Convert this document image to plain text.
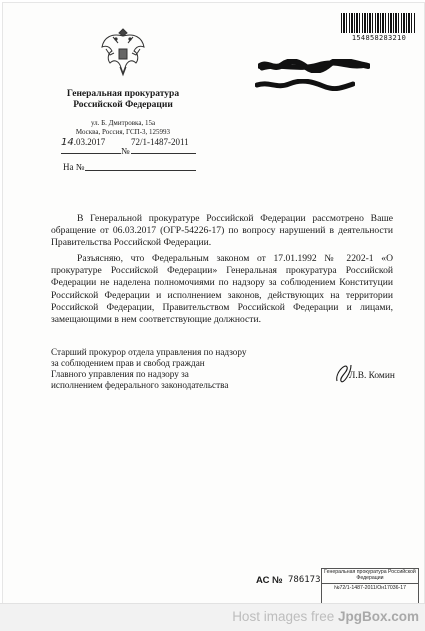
154858283210
Генеральная прокуратура
Российской Федерации
ул. Б. Дмитровка, 15а
Москва, Россия, ГСП-3, 125993
14.03.2017	72/1-1487-2011
№
На №
В Генеральной прокуратуре Российской Федерации рассмотрено Ваше обращение от 06.03.2017 (ОГР-54226-17) по вопросу нарушений в деятельности Правительства Российской Федерации.
Разъясняю, что Федеральным законом от 17.01.1992 № 2202-1 «О прокуратуре Российской Федерации» Генеральная прокуратура Российской Федерации не наделена полномочиями по надзору за соблюдением Конституции Российской Федерации и исполнением законов, действующих на территории Российской Федерации, Правительством Российской Федерации и лицами, замещающими в нем соответствующие должности.
Старший прокурор отдела управления по надзору
за соблюдением прав и свобод граждан
Главного управления по надзору за
исполнением федерального законодательства
Л.В. Комин
АС № 786173
Генеральная прокуратура Российской
Федерации
№72/1-1487-2011/Он17036-17
Host images free JpgBox.com
